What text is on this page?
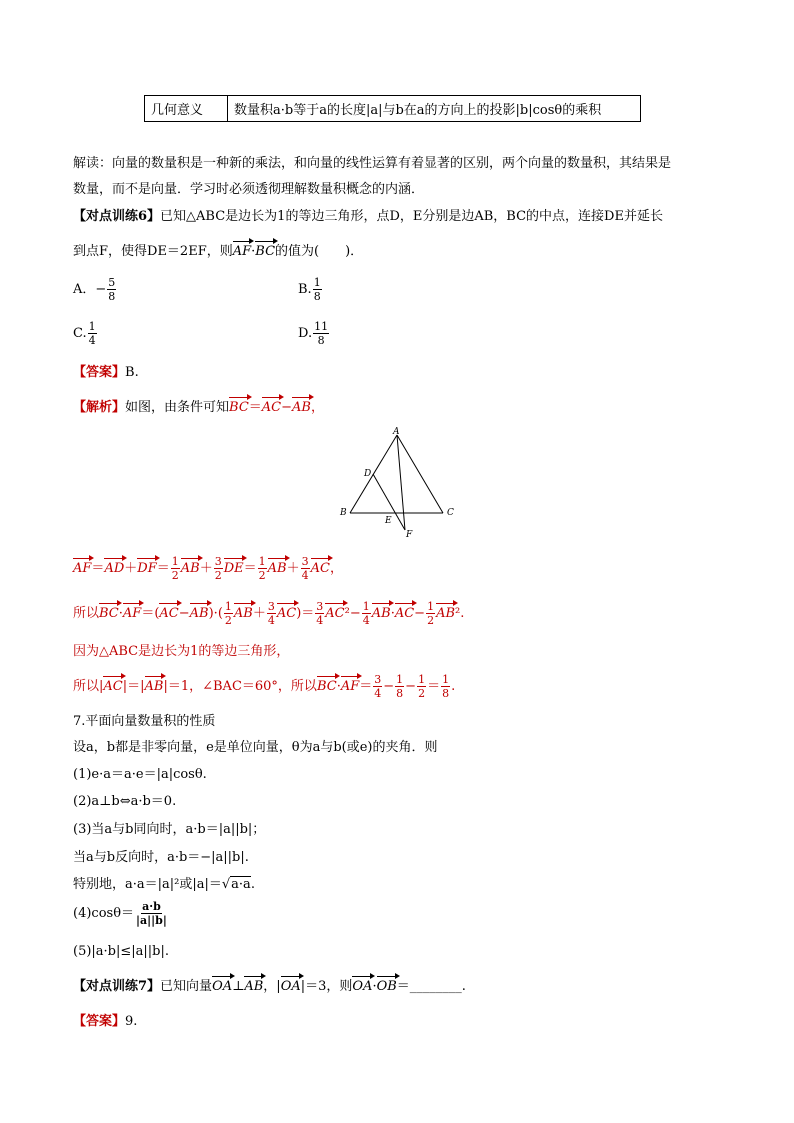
几何意义	数量积a·b等于a的长度|a|与b在a的方向上的投影|b|cosθ的乘积
解读：向量的数量积是一种新的乘法，和向量的线性运算有着显著的区别，两个向量的数量积，其结果是
数量，而不是向量．学习时必须透彻理解数量积概念的内涵．
【对点训练6】已知△ABC是边长为1的等边三角形，点D，E分别是边AB，BC的中点，连接DE并延长
到点F，使得DE＝2EF，则AF·BC的值为(　　)．
A．− $\frac{5}{8}$	B. $\frac{1}{8}$
C. $\frac{1}{4}$	D. $\frac{11}{8}$
【答案】B.
【解析】如图，由条件可知BC＝AC−AB，
A
B	C
D
E
F
$AF=AD+DF= \frac{1}{2} AB+ \frac{3}{2} DE= \frac{1}{2} AB+ \frac{3}{4}$ AC，
所以$BC\cdot AF=(AC-AB)\cdot( \frac{1}{2} AB+ \frac{3}{4} AC)= \frac{3}{4} AC^2- \frac{1}{4} AB\cdot AC- \frac{1}{2} AB^2$.
因为△ABC是边长为1的等边三角形，
所以|AC|＝|AB|＝1，∠BAC＝60°，所以$BC\cdot AF= \frac{3}{4} - \frac{1}{8} - \frac{1}{2} = \frac{1}{8}$ .
7.平面向量数量积的性质
设a，b都是非零向量，e是单位向量，θ为a与b(或e)的夹角．则
(1)e·a＝a·e＝|a|cosθ.
(2)a⊥b⇔a·b＝0.
(3)当a与b同向时，a·b＝|a||b|；
当a与b反向时，a·b＝−|a||b|.
特别地，a·a＝|a|²或|a|＝√a·a.
$(4)\cos\theta= \frac{a\cdot b}{|a||b|}$
(5)|a·b|≤|a||b|.
【对点训练7】已知向量OA⊥AB，|OA|＝3，则OA·OB＝________.
【答案】9.
